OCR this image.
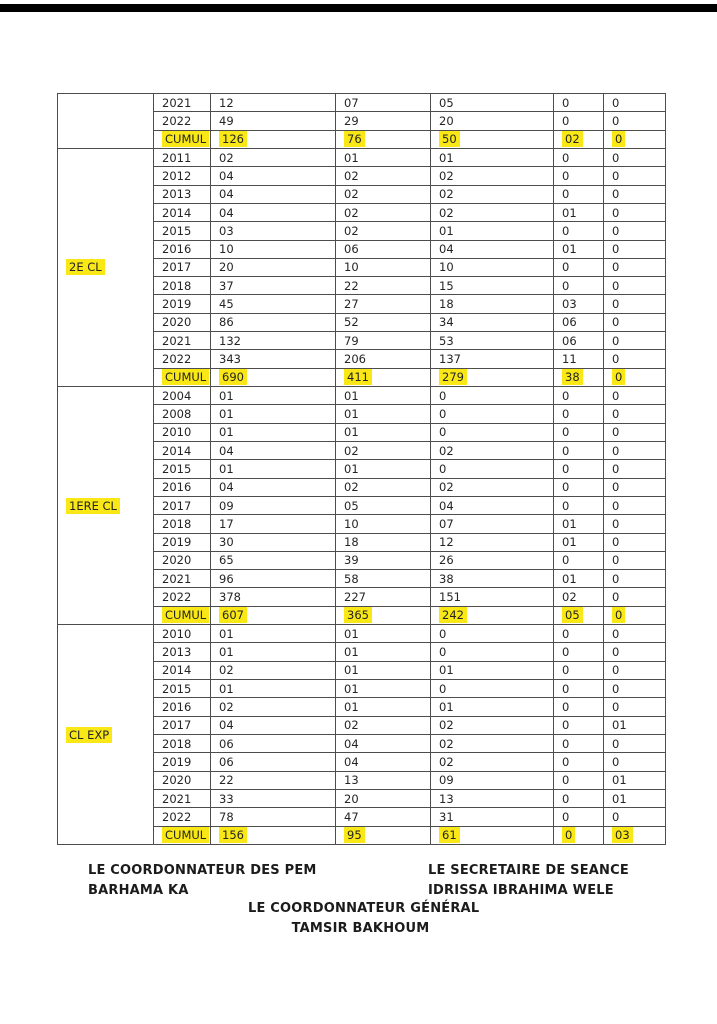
	2021	12	07	05	0	0
	2022	49	29	20	0	0
	CUMUL	126	76	50	02	0
2E CL	2011	02	01	01	0	0
	2012	04	02	02	0	0
	2013	04	02	02	0	0
	2014	04	02	02	01	0
	2015	03	02	01	0	0
	2016	10	06	04	01	0
	2017	20	10	10	0	0
	2018	37	22	15	0	0
	2019	45	27	18	03	0
	2020	86	52	34	06	0
	2021	132	79	53	06	0
	2022	343	206	137	11	0
	CUMUL	690	411	279	38	0
1ERE CL	2004	01	01	0	0	0
	2008	01	01	0	0	0
	2010	01	01	0	0	0
	2014	04	02	02	0	0
	2015	01	01	0	0	0
	2016	04	02	02	0	0
	2017	09	05	04	0	0
	2018	17	10	07	01	0
	2019	30	18	12	01	0
	2020	65	39	26	0	0
	2021	96	58	38	01	0
	2022	378	227	151	02	0
	CUMUL	607	365	242	05	0
CL EXP	2010	01	01	0	0	0
	2013	01	01	0	0	0
	2014	02	01	01	0	0
	2015	01	01	0	0	0
	2016	02	01	01	0	0
	2017	04	02	02	0	01
	2018	06	04	02	0	0
	2019	06	04	02	0	0
	2020	22	13	09	0	01
	2021	33	20	13	0	01
	2022	78	47	31	0	0
	CUMUL	156	95	61	0	03
LE COORDONNATEUR DES PEM
BARHAMA KA
LE SECRETAIRE DE SEANCE
IDRISSA IBRAHIMA WELE
LE COORDONNATEUR GÉNÉRAL
TAMSIR BAKHOUM
